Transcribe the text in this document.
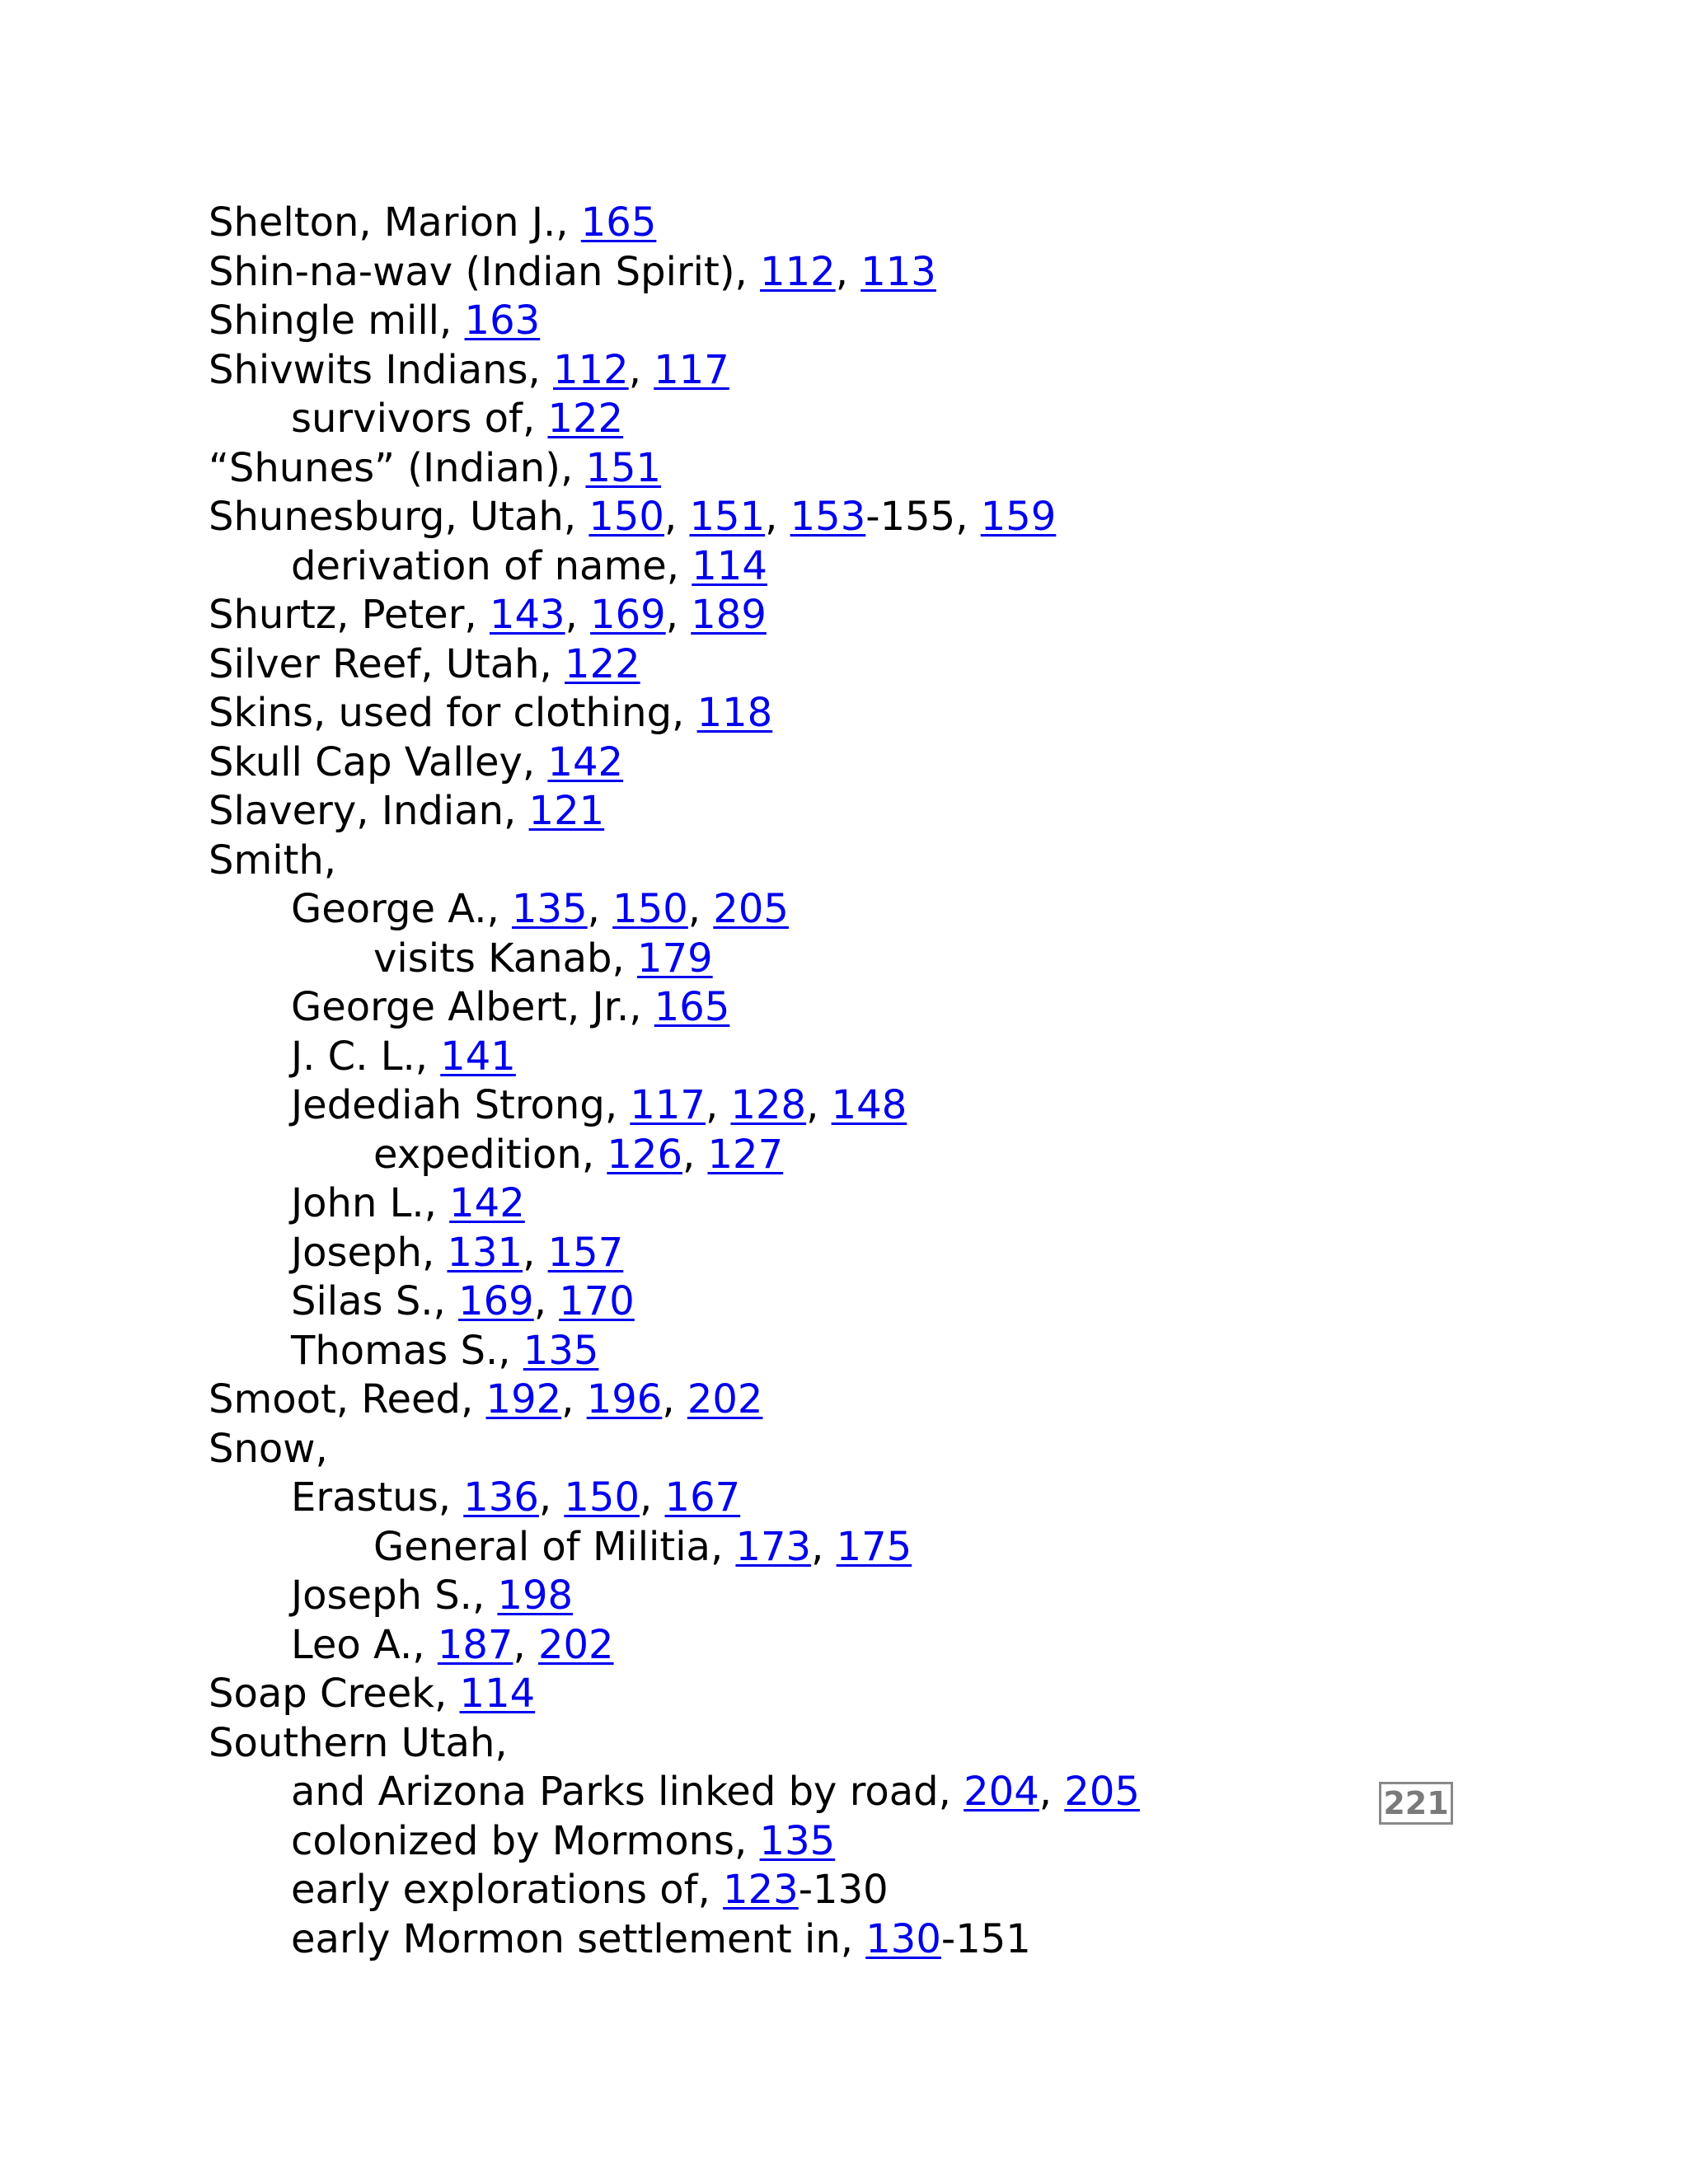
Shelton, Marion J., 165
Shin-na-wav (Indian Spirit), 112, 113
Shingle mill, 163
Shivwits Indians, 112, 117
survivors of, 122
“Shunes” (Indian), 151
Shunesburg, Utah, 150, 151, 153-155, 159
derivation of name, 114
Shurtz, Peter, 143, 169, 189
Silver Reef, Utah, 122
Skins, used for clothing, 118
Skull Cap Valley, 142
Slavery, Indian, 121
Smith,
George A., 135, 150, 205
visits Kanab, 179
George Albert, Jr., 165
J. C. L., 141
Jedediah Strong, 117, 128, 148
expedition, 126, 127
John L., 142
Joseph, 131, 157
Silas S., 169, 170
Thomas S., 135
Smoot, Reed, 192, 196, 202
Snow,
Erastus, 136, 150, 167
General of Militia, 173, 175
Joseph S., 198
Leo A., 187, 202
Soap Creek, 114
Southern Utah,
and Arizona Parks linked by road, 204, 205
colonized by Mormons, 135
early explorations of, 123-130
early Mormon settlement in, 130-151
221
